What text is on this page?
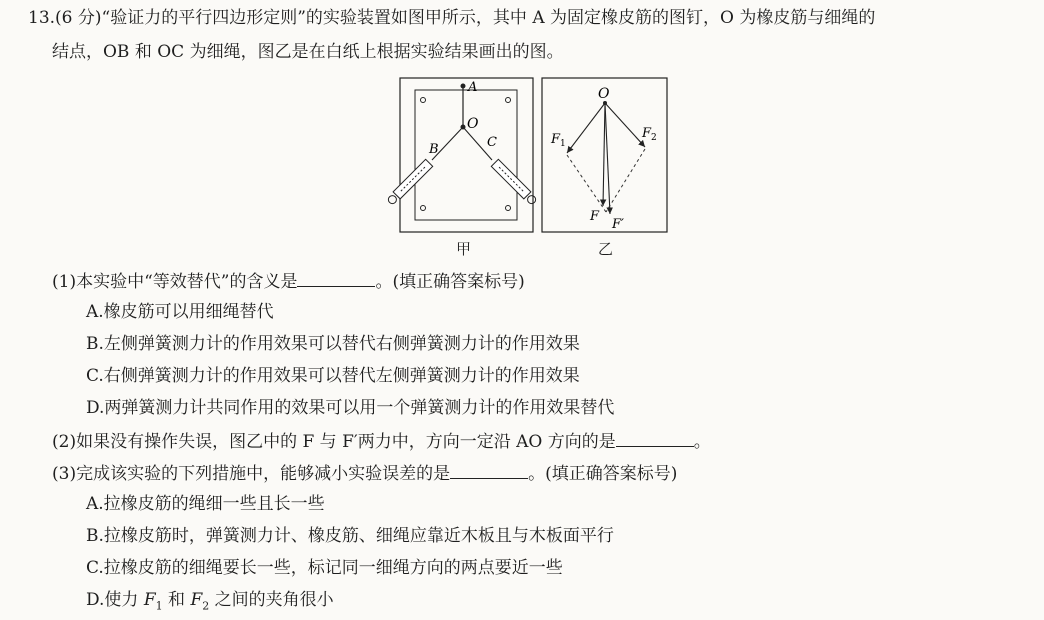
13.(6 分)“验证力的平行四边形定则”的实验装置如图甲所示，其中 A 为固定橡皮筋的图钉，O 为橡皮筋与细绳的
结点，OB 和 OC 为细绳，图乙是在白纸上根据实验结果画出的图。
A
O
B	C
O
$F_1$
$F_2$
F
F′
甲	乙
(1)本实验中“等效替代”的含义是	。(填正确答案标号)
A.橡皮筋可以用细绳替代
B.左侧弹簧测力计的作用效果可以替代右侧弹簧测力计的作用效果
C.右侧弹簧测力计的作用效果可以替代左侧弹簧测力计的作用效果
D.两弹簧测力计共同作用的效果可以用一个弹簧测力计的作用效果替代
(2)如果没有操作失误，图乙中的 F 与 F′两力中，方向一定沿 AO 方向的是	。
(3)完成该实验的下列措施中，能够减小实验误差的是	。(填正确答案标号)
A.拉橡皮筋的绳细一些且长一些
B.拉橡皮筋时，弹簧测力计、橡皮筋、细绳应靠近木板且与木板面平行
C.拉橡皮筋的细绳要长一些，标记同一细绳方向的两点要近一些
D.使力 $F_1$ 和 $F_2$ 之间的夹角很小
